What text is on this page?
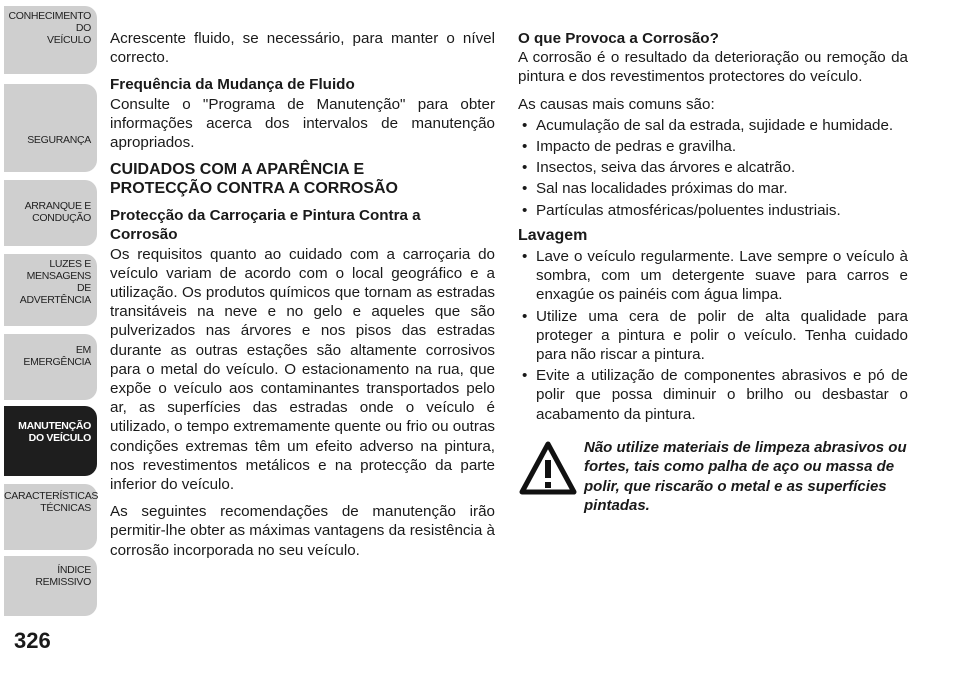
CONHECIMENTO
DO
VEÍCULO
SEGURANÇA
ARRANQUE E
CONDUÇÃO
LUZES E
MENSAGENS
DE
ADVERTÊNCIA
EM
EMERGÊNCIA
MANUTENÇÃO
DO VEÍCULO
CARACTERÍSTICAS
TÉCNICAS
ÍNDICE
REMISSIVO
326

Acrescente fluido, se necessário, para manter o nível correcto.

Frequência da Mudança de Fluido

Consulte o "Programa de Manutenção" para obter informações acerca dos intervalos de manutenção apropriados.

CUIDADOS COM A APARÊNCIA E
PROTECÇÃO CONTRA A CORROSÃO
Protecção da Carroçaria e Pintura Contra a
Corrosão

Os requisitos quanto ao cuidado com a carroçaria do veículo variam de acordo com o local geográfico e a utilização. Os produtos químicos que tornam as estradas transitáveis na neve e no gelo e aqueles que são pulverizados nas árvores e nos pisos das estradas durante as outras estações são altamente corrosivos para o metal do veículo. O estacionamento na rua, que expõe o veículo aos contaminantes transportados pelo ar, as superfícies das estradas onde o veículo é utilizado, o tempo extremamente quente ou frio ou outras condições extremas têm um efeito adverso na pintura, nos revestimentos metálicos e na protecção da parte inferior do veículo.

As seguintes recomendações de manutenção irão permitir-lhe obter as máximas vantagens da resistência à corrosão incorporada no seu veículo.

O que Provoca a Corrosão?

A corrosão é o resultado da deterioração ou remoção da pintura e dos revestimentos protectores do veículo.

As causas mais comuns são:

• Acumulação de sal da estrada, sujidade e humidade.
• Impacto de pedras e gravilha.
• Insectos, seiva das árvores e alcatrão.
• Sal nas localidades próximas do mar.
• Partículas atmosféricas/poluentes industriais.
Lavagem
• Lave o veículo regularmente. Lave sempre o veículo à sombra, com um detergente suave para carros e enxagúe os painéis com água limpa.
• Utilize uma cera de polir de alta qualidade para proteger a pintura e polir o veículo. Tenha cuidado para não riscar a pintura.
• Evite a utilização de componentes abrasivos e pó de polir que possa diminuir o brilho ou desbastar o acabamento da pintura.
Não utilize materiais de limpeza abrasivos ou fortes, tais como palha de aço ou massa de polir, que riscarão o metal e as superfícies pintadas.
